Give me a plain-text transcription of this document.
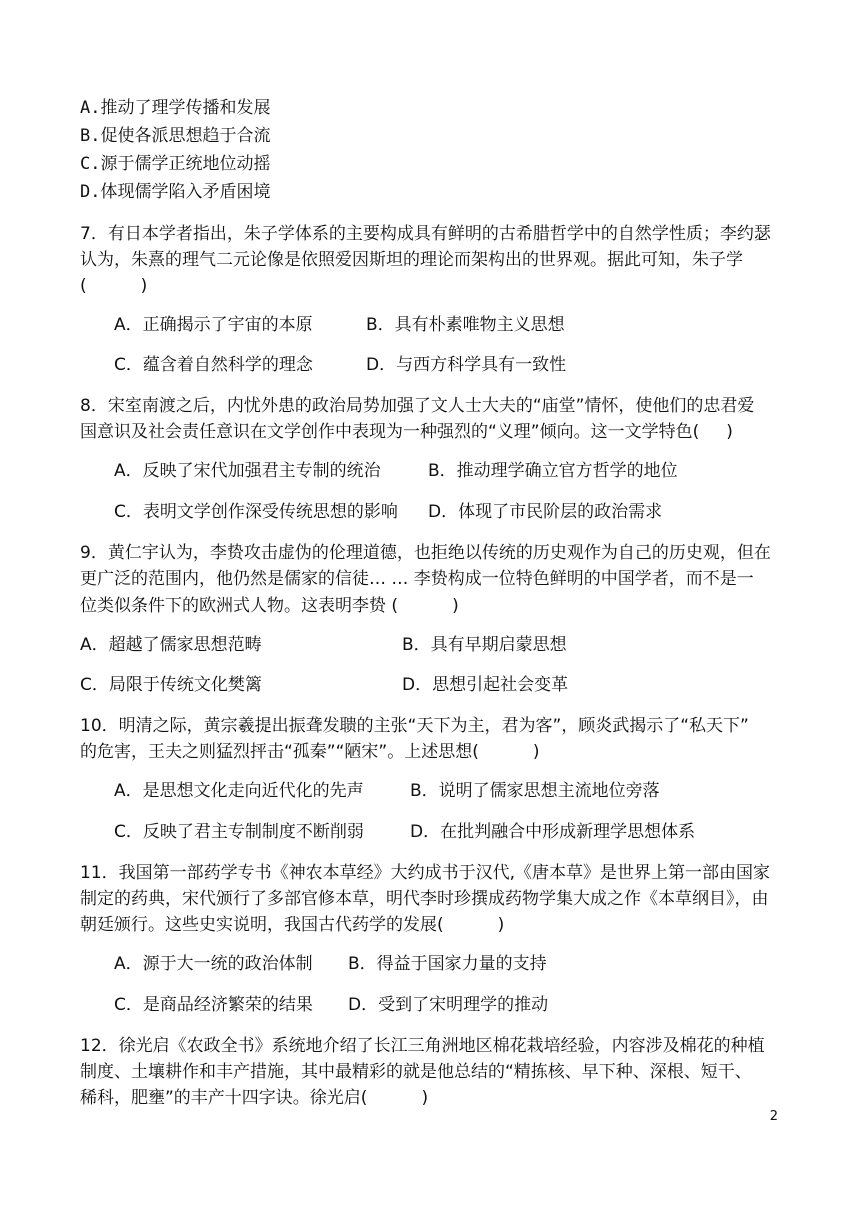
A.推动了理学传播和发展
B.促使各派思想趋于合流
C.源于儒学正统地位动摇
D.体现儒学陷入矛盾困境
7．有日本学者指出，朱子学体系的主要构成具有鲜明的古希腊哲学中的自然学性质；李约瑟
认为，朱熹的理气二元论像是依照爱因斯坦的理论而架构出的世界观。据此可知，朱子学
(          )
A．正确揭示了宇宙的本原	B．具有朴素唯物主义思想
C．蕴含着自然科学的理念	D．与西方科学具有一致性
8．宋室南渡之后，内忧外患的政治局势加强了文人士大夫的“庙堂”情怀，使他们的忠君爱
国意识及社会责任意识在文学创作中表现为一种强烈的“义理”倾向。这一文学特色(     )
A．反映了宋代加强君主专制的统治	B．推动理学确立官方哲学的地位
C．表明文学创作深受传统思想的影响 D．体现了市民阶层的政治需求
9．黄仁宇认为，李贽攻击虚伪的伦理道德，也拒绝以传统的历史观作为自己的历史观，但在
更广泛的范围内，他仍然是儒家的信徒… … 李贽构成一位特色鲜明的中国学者，而不是一
位类似条件下的欧洲式人物。这表明李贽 (          )
A．超越了儒家思想范畴	B．具有早期启蒙思想
C．局限于传统文化樊篱	D．思想引起社会变革
10．明清之际，黄宗羲提出振聋发聩的主张“天下为主，君为客”，顾炎武揭示了“私天下”
的危害，王夫之则猛烈抨击“孤秦”“陋宋”。上述思想(          )
A．是思想文化走向近代化的先声	B．说明了儒家思想主流地位旁落
C．反映了君主专制制度不断削弱	D．在批判融合中形成新理学思想体系
11．我国第一部药学专书《神农本草经》大约成书于汉代,《唐本草》是世界上第一部由国家
制定的药典，宋代颁行了多部官修本草，明代李时珍撰成药物学集大成之作《本草纲目》，由
朝廷颁行。这些史实说明，我国古代药学的发展(          )
A．源于大一统的政治体制 B．得益于国家力量的支持
C．是商品经济繁荣的结果 D．受到了宋明理学的推动
12．徐光启《农政全书》系统地介绍了长江三角洲地区棉花栽培经验，内容涉及棉花的种植
制度、土壤耕作和丰产措施，其中最精彩的就是他总结的“精拣核、早下种、深根、短干、
稀科，肥壅”的丰产十四字诀。徐光启(          )
2
